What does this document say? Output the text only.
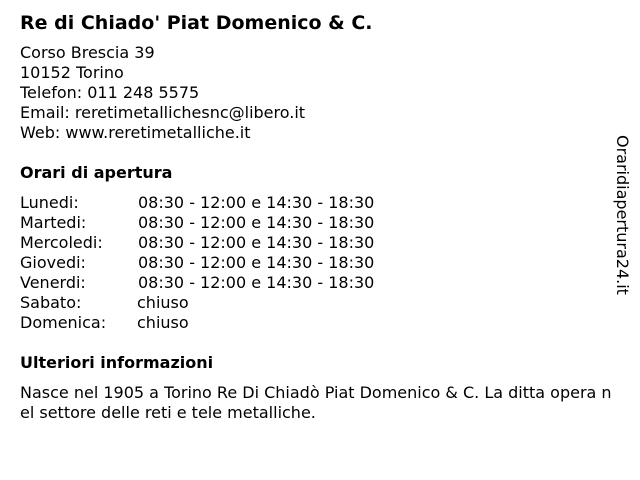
Re di Chiado' Piat Domenico & C.
Corso Brescia 39
10152 Torino
Telefon: 011 248 5575
Email: reretimetallichesnc@libero.it
Web: www.reretimetalliche.it
Orari di apertura
Lunedi:	08:30 - 12:00 e 14:30 - 18:30
Martedi:	08:30 - 12:00 e 14:30 - 18:30
Mercoledi: 08:30 - 12:00 e 14:30 - 18:30
Giovedi:	08:30 - 12:00 e 14:30 - 18:30
Venerdi:	08:30 - 12:00 e 14:30 - 18:30
Sabato:	chiuso
Domenica: chiuso
Ulteriori informazioni
Nasce nel 1905 a Torino Re Di Chiadò Piat Domenico & C. La ditta opera nel settore delle reti e tele metalliche.
Oraridiapertura24.it
